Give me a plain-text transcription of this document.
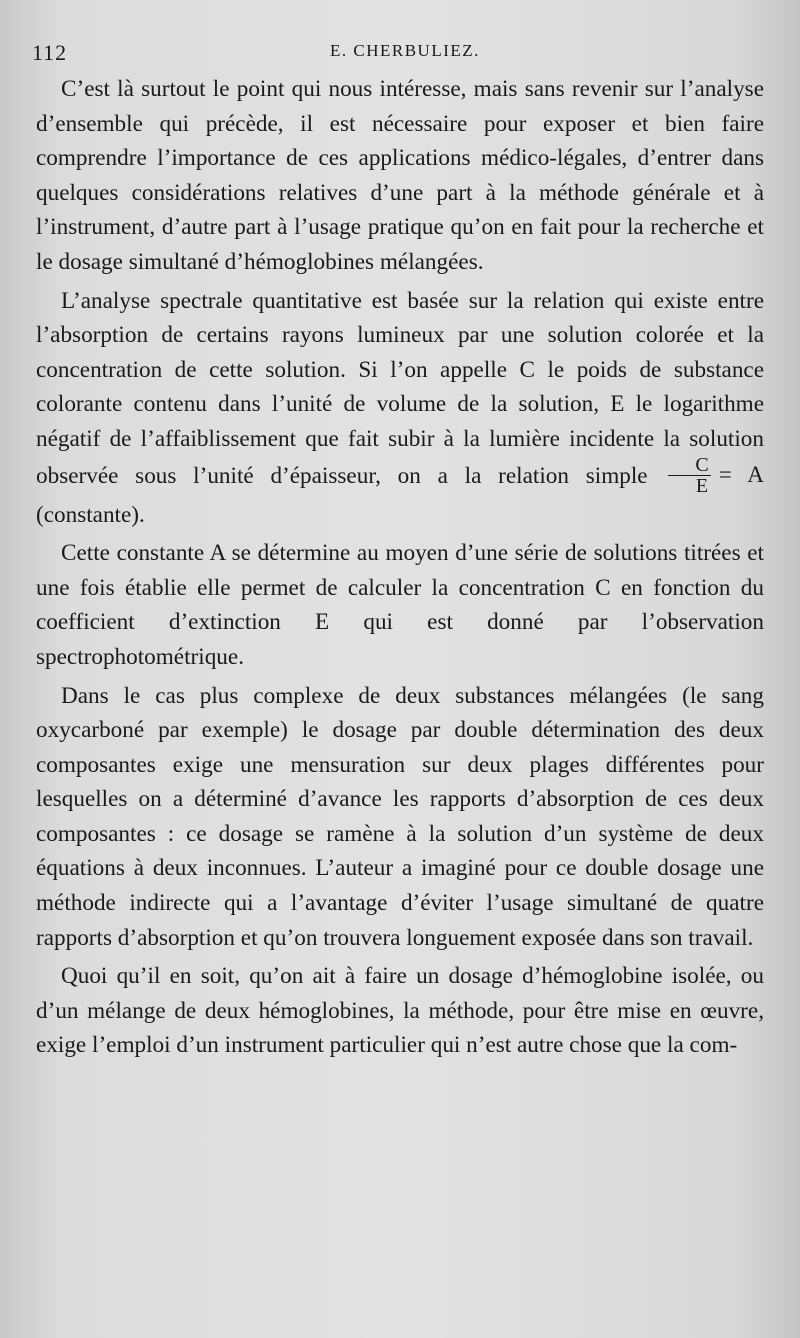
112	E. CHERBULIEZ.

C’est là surtout le point qui nous intéresse, mais sans revenir sur l’analyse d’ensemble qui précède, il est nécessaire pour exposer et bien faire comprendre l’importance de ces applications médico-légales, d’entrer dans quelques considérations relatives d’une part à la méthode générale et à l’instrument, d’autre part à l’usage pratique qu’on en fait pour la recherche et le dosage simultané d’hémoglobines mélangées.

L’analyse spectrale quantitative est basée sur la relation qui existe entre l’absorption de certains rayons lumineux par une solution colorée et la concentration de cette solution. Si l’on appelle C le poids de substance colorante contenu dans l’unité de volume de la solution, E le logarithme négatif de l’affaiblissement que fait subir à la lumière incidente la solution observée sous l’unité d’épaisseur, on a la relation simple $\frac{C}{E} = A$ (constante).

Cette constante A se détermine au moyen d’une série de solutions titrées et une fois établie elle permet de calculer la concentration C en fonction du coefficient d’extinction E qui est donné par l’observation spectrophotométrique.

Dans le cas plus complexe de deux substances mélangées (le sang oxycarboné par exemple) le dosage par double détermination des deux composantes exige une mensuration sur deux plages différentes pour lesquelles on a déterminé d’avance les rapports d’absorption de ces deux composantes : ce dosage se ramène à la solution d’un système de deux équations à deux inconnues. L’auteur a imaginé pour ce double dosage une méthode indirecte qui a l’avantage d’éviter l’usage simultané de quatre rapports d’absorption et qu’on trouvera longuement exposée dans son travail.

Quoi qu’il en soit, qu’on ait à faire un dosage d’hémoglobine isolée, ou d’un mélange de deux hémoglobines, la méthode, pour être mise en œuvre, exige l’emploi d’un instrument particulier qui n’est autre chose que la com-
